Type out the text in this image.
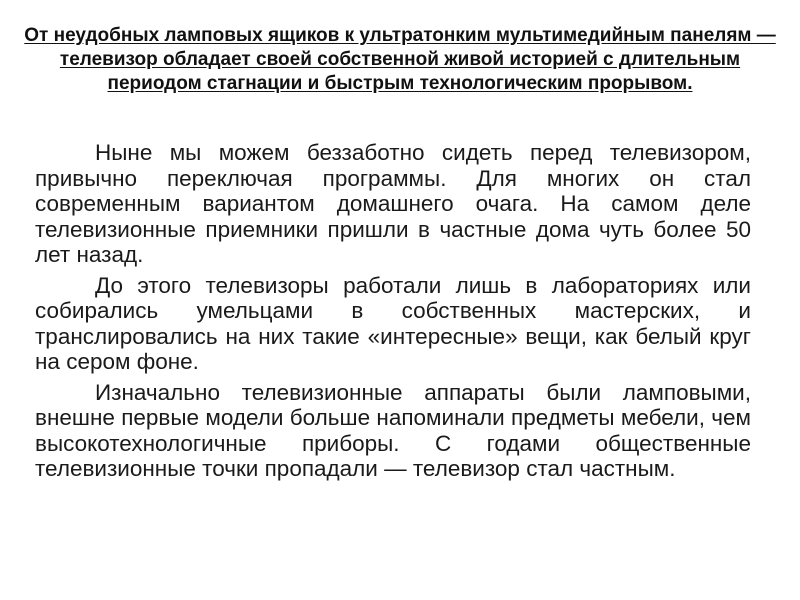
От неудобных ламповых ящиков к ультратонким мультимедийным панелям — телевизор обладает своей собственной живой историей с длительным периодом стагнации и быстрым технологическим прорывом.

Ныне мы можем беззаботно сидеть перед телевизором, привычно переключая программы. Для многих он стал современным вариантом домашнего очага. На самом деле телевизионные приемники пришли в частные дома чуть более 50 лет назад.

До этого телевизоры работали лишь в лабораториях или собирались умельцами в собственных мастерских, и транслировались на них такие «интересные» вещи, как белый круг на сером фоне.

Изначально телевизионные аппараты были ламповыми, внешне первые модели больше напоминали предметы мебели, чем высокотехнологичные приборы. С годами общественные телевизионные точки пропадали — телевизор стал частным.
